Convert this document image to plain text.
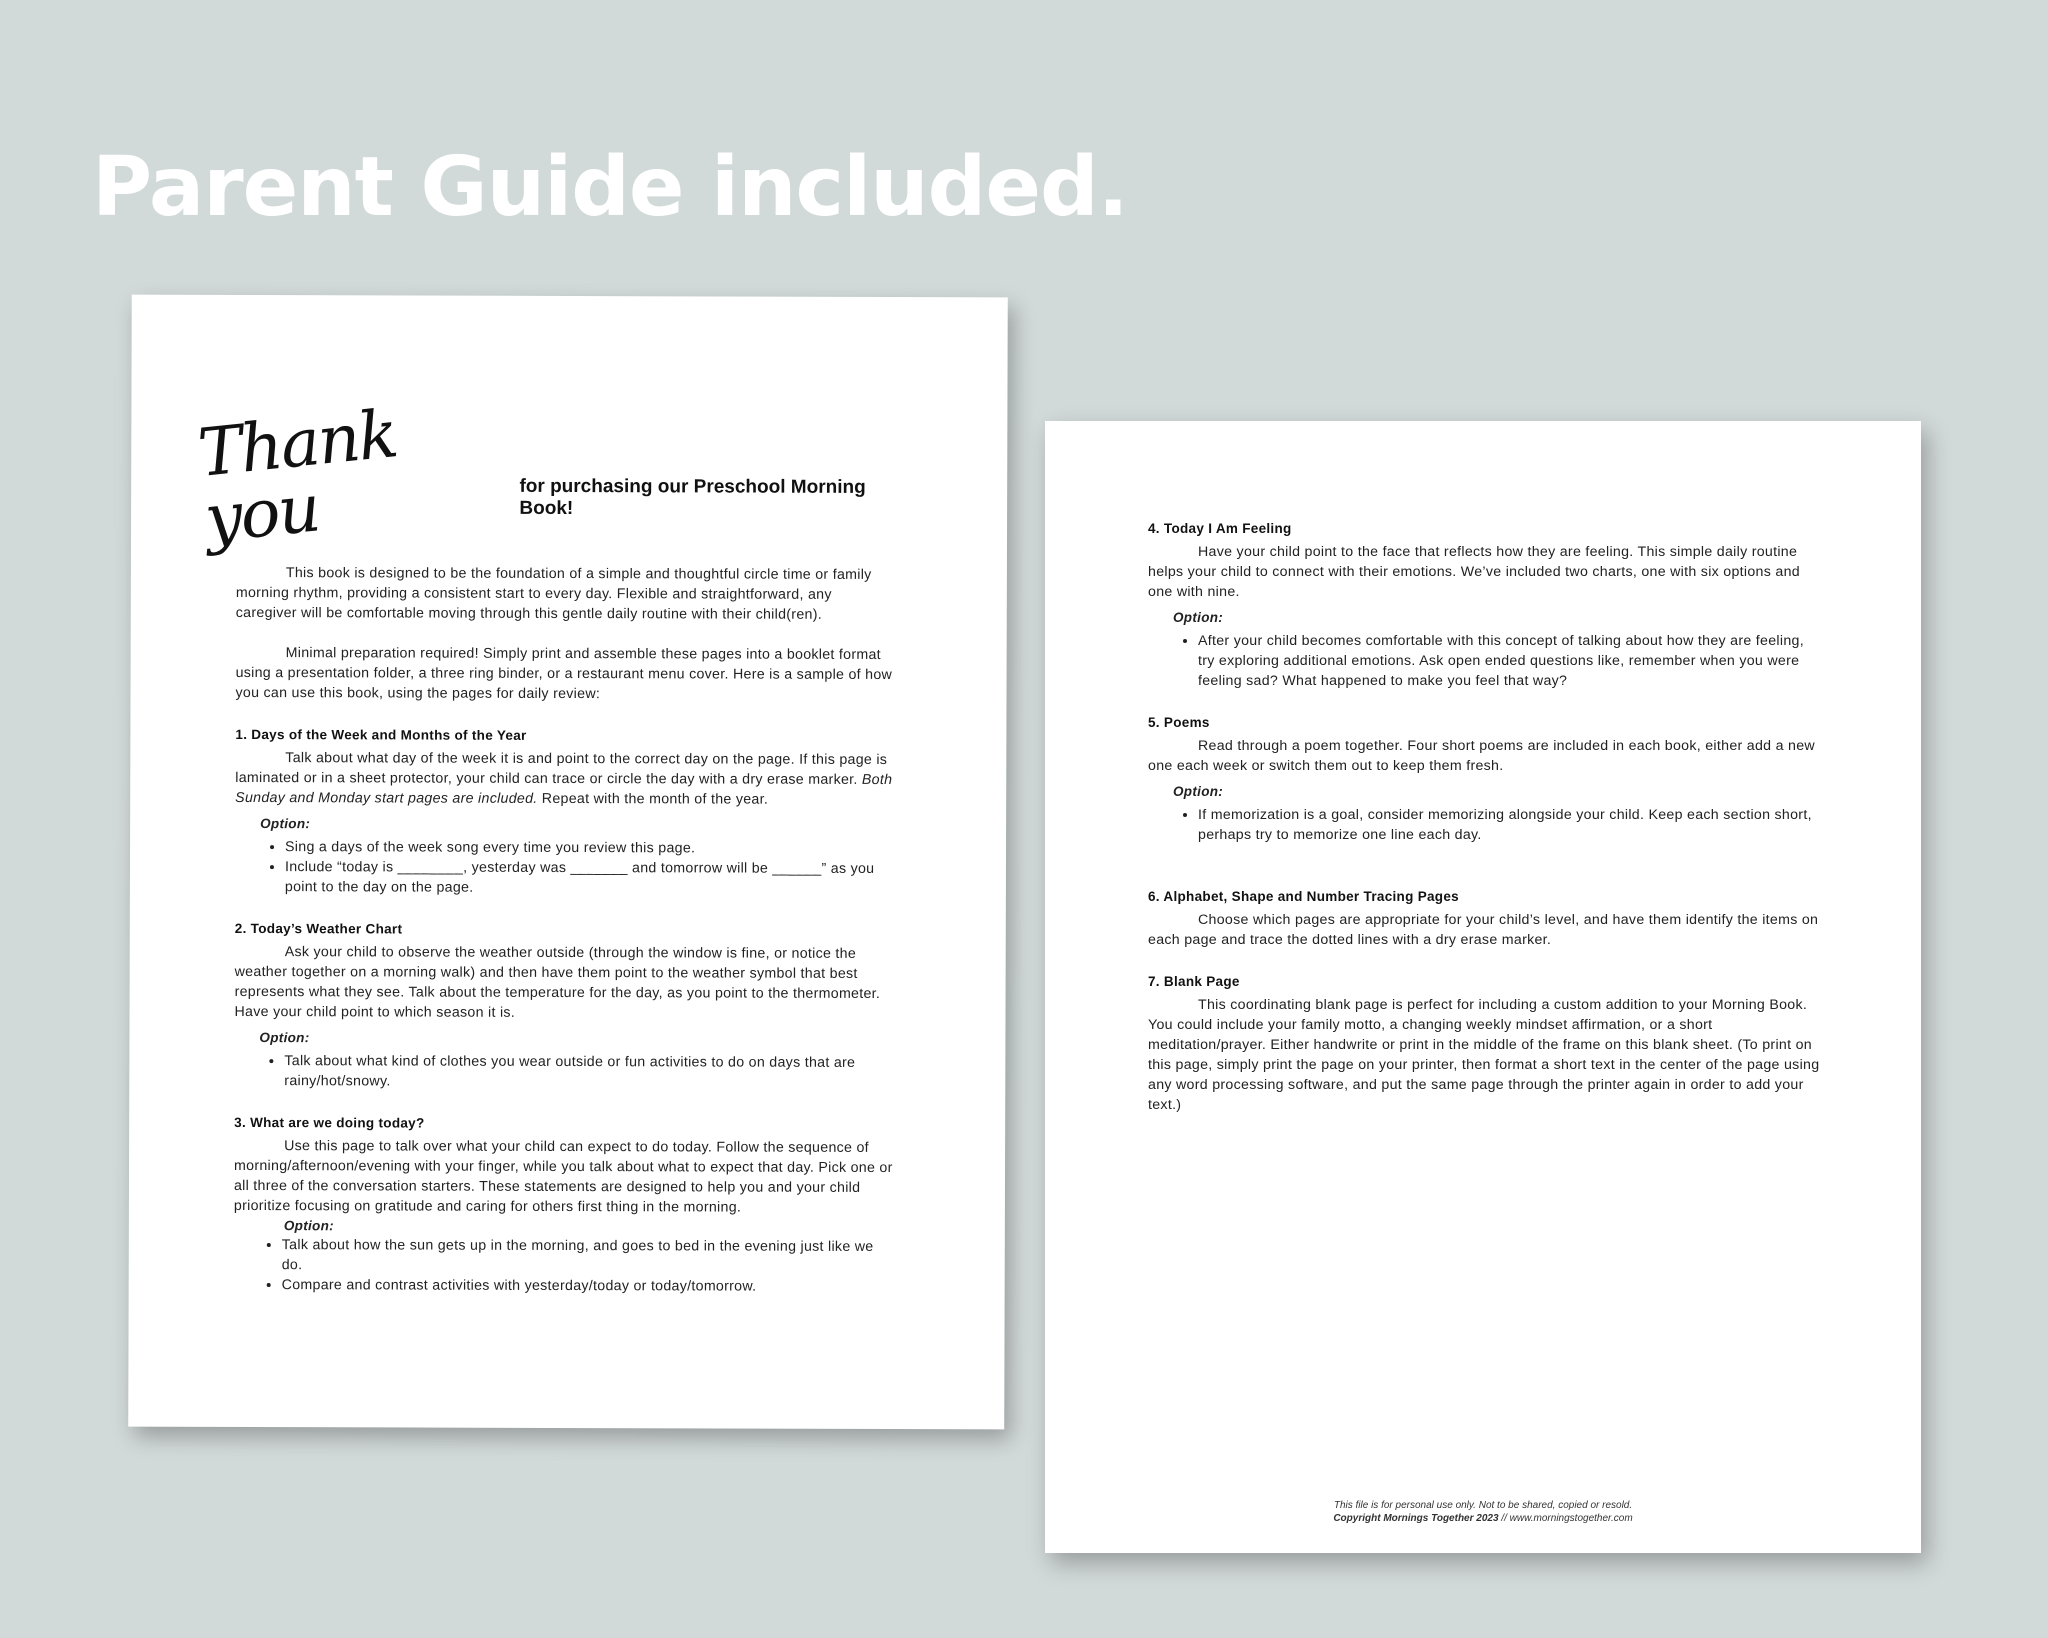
Parent Guide included.
Thank you	for purchasing our Preschool Morning Book!

This book is designed to be the foundation of a simple and thoughtful circle time or family morning rhythm, providing a consistent start to every day. Flexible and straightforward, any caregiver will be comfortable moving through this gentle daily routine with their child(ren).

Minimal preparation required! Simply print and assemble these pages into a booklet format using a presentation folder, a three ring binder, or a restaurant menu cover. Here is a sample of how you can use this book, using the pages for daily review:

1. Days of the Week and Months of the Year

Talk about what day of the week it is and point to the correct day on the page. If this page is laminated or in a sheet protector, your child can trace or circle the day with a dry erase marker. Both Sunday and Monday start pages are included. Repeat with the month of the year.

Option:
• Sing a days of the week song every time you review this page.
• Include “today is ________, yesterday was _______ and tomorrow will be ______” as you point to the day on the page.
2. Today’s Weather Chart

Ask your child to observe the weather outside (through the window is fine, or notice the weather together on a morning walk) and then have them point to the weather symbol that best represents what they see. Talk about the temperature for the day, as you point to the thermometer. Have your child point to which season it is.

Option:
• Talk about what kind of clothes you wear outside or fun activities to do on days that are rainy/hot/snowy.
3. What are we doing today?

Use this page to talk over what your child can expect to do today. Follow the sequence of morning/afternoon/evening with your finger, while you talk about what to expect that day. Pick one or all three of the conversation starters. These statements are designed to help you and your child prioritize focusing on gratitude and caring for others first thing in the morning.

Option:
• Talk about how the sun gets up in the morning, and goes to bed in the evening just like we do.
• Compare and contrast activities with yesterday/today or today/tomorrow.
4. Today I Am Feeling

Have your child point to the face that reflects how they are feeling. This simple daily routine helps your child to connect with their emotions. We’ve included two charts, one with six options and one with nine.

Option:
• After your child becomes comfortable with this concept of talking about how they are feeling, try exploring additional emotions. Ask open ended questions like, remember when you were feeling sad? What happened to make you feel that way?
5. Poems

Read through a poem together. Four short poems are included in each book, either add a new one each week or switch them out to keep them fresh.

Option:
• If memorization is a goal, consider memorizing alongside your child. Keep each section short, perhaps try to memorize one line each day.
6. Alphabet, Shape and Number Tracing Pages

Choose which pages are appropriate for your child’s level, and have them identify the items on each page and trace the dotted lines with a dry erase marker.

7. Blank Page

This coordinating blank page is perfect for including a custom addition to your Morning Book. You could include your family motto, a changing weekly mindset affirmation, or a short meditation/prayer. Either handwrite or print in the middle of the frame on this blank sheet. (To print on this page, simply print the page on your printer, then format a short text in the center of the page using any word processing software, and put the same page through the printer again in order to add your text.)

This file is for personal use only. Not to be shared, copied or resold.
Copyright Mornings Together 2023 // www.morningstogether.com
